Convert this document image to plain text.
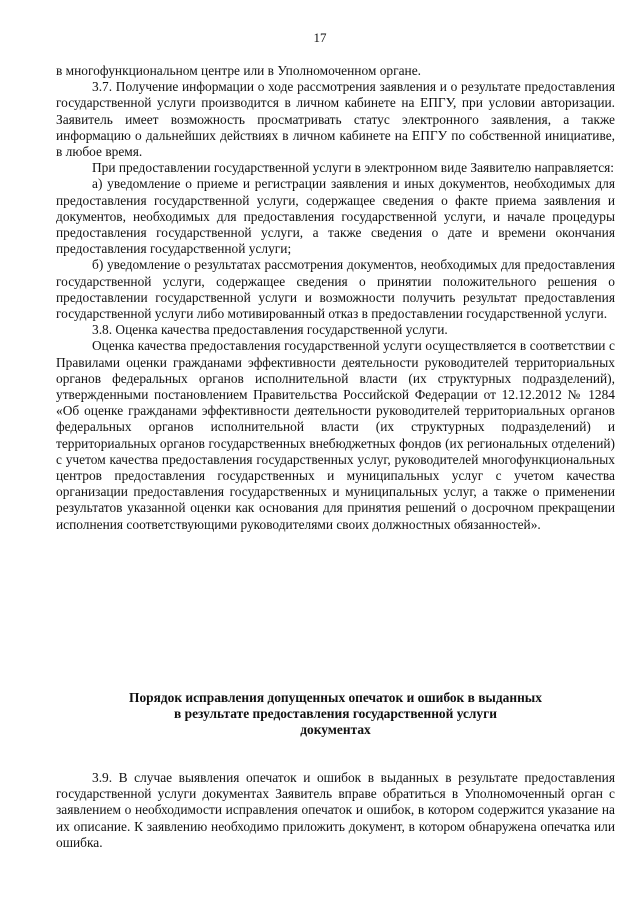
17

в многофункциональном центре или в Уполномоченном органе.

3.7. Получение информации о ходе рассмотрения заявления и о результате предоставления государственной услуги производится в личном кабинете на ЕПГУ, при условии авторизации. Заявитель имеет возможность просматривать статус электронного заявления, а также информацию о дальнейших действиях в личном кабинете на ЕПГУ по собственной инициативе, в любое время.

При предоставлении государственной услуги в электронном виде Заявителю направляется:

а) уведомление о приеме и регистрации заявления и иных документов, необходимых для предоставления государственной услуги, содержащее сведения о факте приема заявления и документов, необходимых для предоставления государственной услуги, и начале процедуры предоставления государственной услуги, а также сведения о дате и времени окончания предоставления государственной услуги;

б) уведомление о результатах рассмотрения документов, необходимых для предоставления государственной услуги, содержащее сведения о принятии положительного решения о предоставлении государственной услуги и возможности получить результат предоставления государственной услуги либо мотивированный отказ в предоставлении государственной услуги.

3.8. Оценка качества предоставления государственной услуги.

Оценка качества предоставления государственной услуги осуществляется в соответствии с Правилами оценки гражданами эффективности деятельности руководителей территориальных органов федеральных органов исполнительной власти (их структурных подразделений), утвержденными постановлением Правительства Российской Федерации от 12.12.2012 № 1284 «Об оценке гражданами эффективности деятельности руководителей территориальных органов федеральных органов исполнительной власти (их структурных подразделений) и территориальных органов государственных внебюджетных фондов (их региональных отделений) с учетом качества предоставления государственных услуг, руководителей многофункциональных центров предоставления государственных и муниципальных услуг с учетом качества организации предоставления государственных и муниципальных услуг, а также о применении результатов указанной оценки как основания для принятия решений о досрочном прекращении исполнения соответствующими руководителями своих должностных обязанностей».

Порядок исправления допущенных опечаток и ошибок в выданных
в результате предоставления государственной услуги
документах

3.9. В случае выявления опечаток и ошибок в выданных в результате предоставления государственной услуги документах Заявитель вправе обратиться в Уполномоченный орган с заявлением о необходимости исправления опечаток и ошибок, в котором содержится указание на их описание. К заявлению необходимо приложить документ, в котором обнаружена опечатка или ошибка.
